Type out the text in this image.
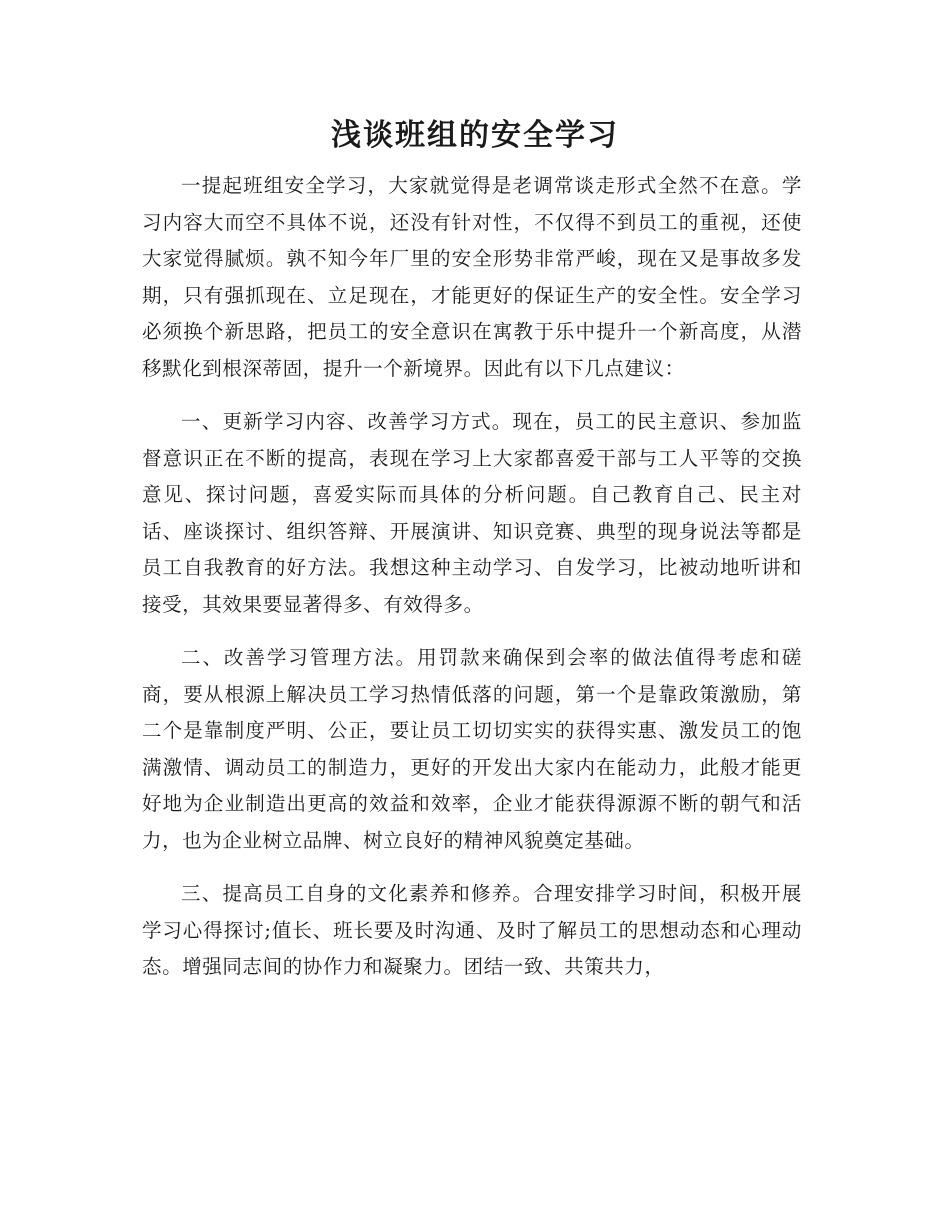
浅谈班组的安全学习

一提起班组安全学习，大家就觉得是老调常谈走形式全然不在意。学习内容大而空不具体不说，还没有针对性，不仅得不到员工的重视，还使大家觉得腻烦。孰不知今年厂里的安全形势非常严峻，现在又是事故多发期，只有强抓现在、立足现在，才能更好的保证生产的安全性。安全学习必须换个新思路，把员工的安全意识在寓教于乐中提升一个新高度，从潜移默化到根深蒂固，提升一个新境界。因此有以下几点建议：

一、更新学习内容、改善学习方式。现在，员工的民主意识、参加监督意识正在不断的提高，表现在学习上大家都喜爱干部与工人平等的交换意见、探讨问题，喜爱实际而具体的分析问题。自己教育自己、民主对话、座谈探讨、组织答辩、开展演讲、知识竞赛、典型的现身说法等都是员工自我教育的好方法。我想这种主动学习、自发学习，比被动地听讲和接受，其效果要显著得多、有效得多。

二、改善学习管理方法。用罚款来确保到会率的做法值得考虑和磋商，要从根源上解决员工学习热情低落的问题，第一个是靠政策激励，第二个是靠制度严明、公正，要让员工切切实实的获得实惠、激发员工的饱满激情、调动员工的制造力，更好的开发出大家内在能动力，此般才能更好地为企业制造出更高的效益和效率，企业才能获得源源不断的朝气和活力，也为企业树立品牌、树立良好的精神风貌奠定基础。

三、提高员工自身的文化素养和修养。合理安排学习时间，积极开展学习心得探讨;值长、班长要及时沟通、及时了解员工的思想动态和心理动态。增强同志间的协作力和凝聚力。团结一致、共策共力，
